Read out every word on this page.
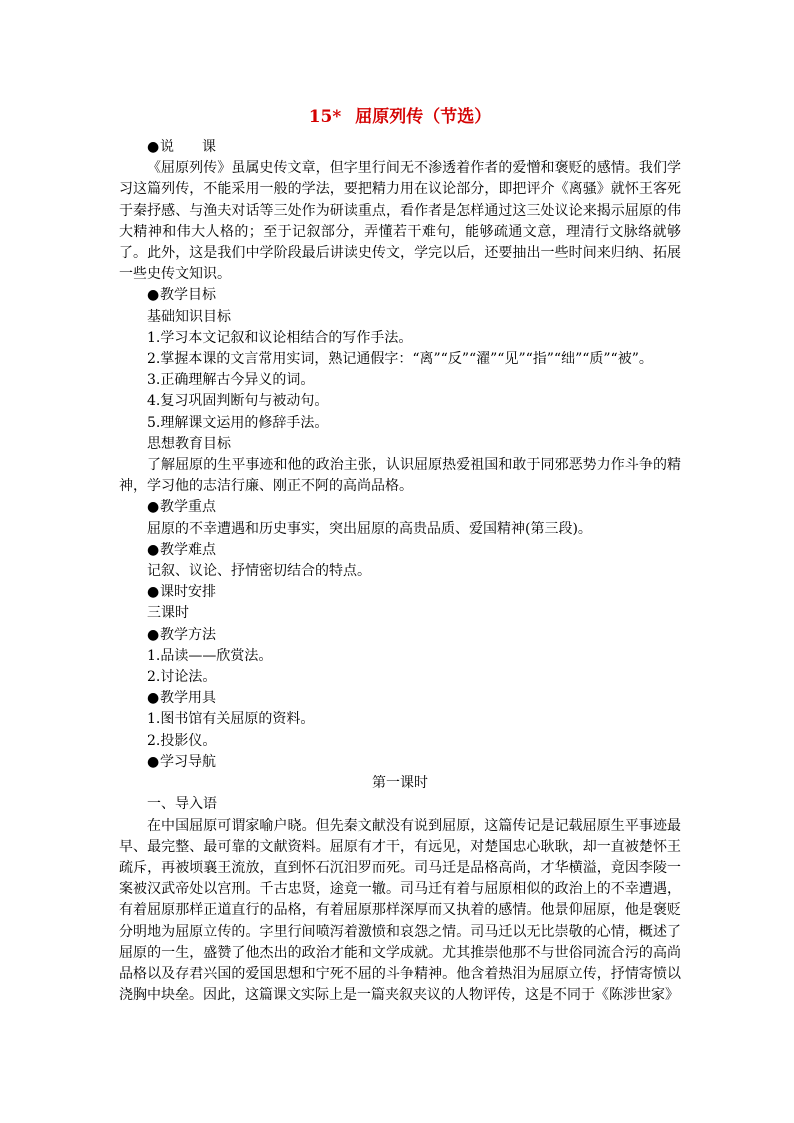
15* 屈原列传（节选）

●说　　课

《屈原列传》虽属史传文章，但字里行间无不渗透着作者的爱憎和褒贬的感情。我们学习这篇列传，不能采用一般的学法，要把精力用在议论部分，即把评介《离骚》就怀王客死于秦抒感、与渔夫对话等三处作为研读重点，看作者是怎样通过这三处议论来揭示屈原的伟大精神和伟大人格的；至于记叙部分，弄懂若干难句，能够疏通文意，理清行文脉络就够了。此外，这是我们中学阶段最后讲读史传文，学完以后，还要抽出一些时间来归纳、拓展一些史传文知识。

●教学目标

基础知识目标

1.学习本文记叙和议论相结合的写作手法。

2.掌握本课的文言常用实词，熟记通假字：“离”“反”“濯”“见”“指”“绌”“质”“被”。

3.正确理解古今异义的词。

4.复习巩固判断句与被动句。

5.理解课文运用的修辞手法。

思想教育目标

了解屈原的生平事迹和他的政治主张，认识屈原热爱祖国和敢于同邪恶势力作斗争的精神，学习他的志洁行廉、刚正不阿的高尚品格。

●教学重点

屈原的不幸遭遇和历史事实，突出屈原的高贵品质、爱国精神(第三段)。

●教学难点

记叙、议论、抒情密切结合的特点。

●课时安排

三课时

●教学方法

1.品读——欣赏法。

2.讨论法。

●教学用具

1.图书馆有关屈原的资料。

2.投影仪。

●学习导航

第一课时

一、导入语

在中国屈原可谓家喻户晓。但先秦文献没有说到屈原，这篇传记是记载屈原生平事迹最早、最完整、最可靠的文献资料。屈原有才干，有远见，对楚国忠心耿耿，却一直被楚怀王疏斥，再被顷襄王流放，直到怀石沉汨罗而死。司马迁是品格高尚，才华横溢，竟因李陵一案被汉武帝处以宫刑。千古忠贤，途竟一辙。司马迁有着与屈原相似的政治上的不幸遭遇，有着屈原那样正道直行的品格，有着屈原那样深厚而又执着的感情。他景仰屈原，他是褒贬分明地为屈原立传的。字里行间喷泻着激愤和哀怨之情。司马迁以无比崇敬的心情，概述了屈原的一生，盛赞了他杰出的政治才能和文学成就。尤其推崇他那不与世俗同流合污的高尚品格以及存君兴国的爱国思想和宁死不屈的斗争精神。他含着热泪为屈原立传，抒情寄愤以浇胸中块垒。因此，这篇课文实际上是一篇夹叙夹议的人物评传，这是不同于《陈涉世家》
